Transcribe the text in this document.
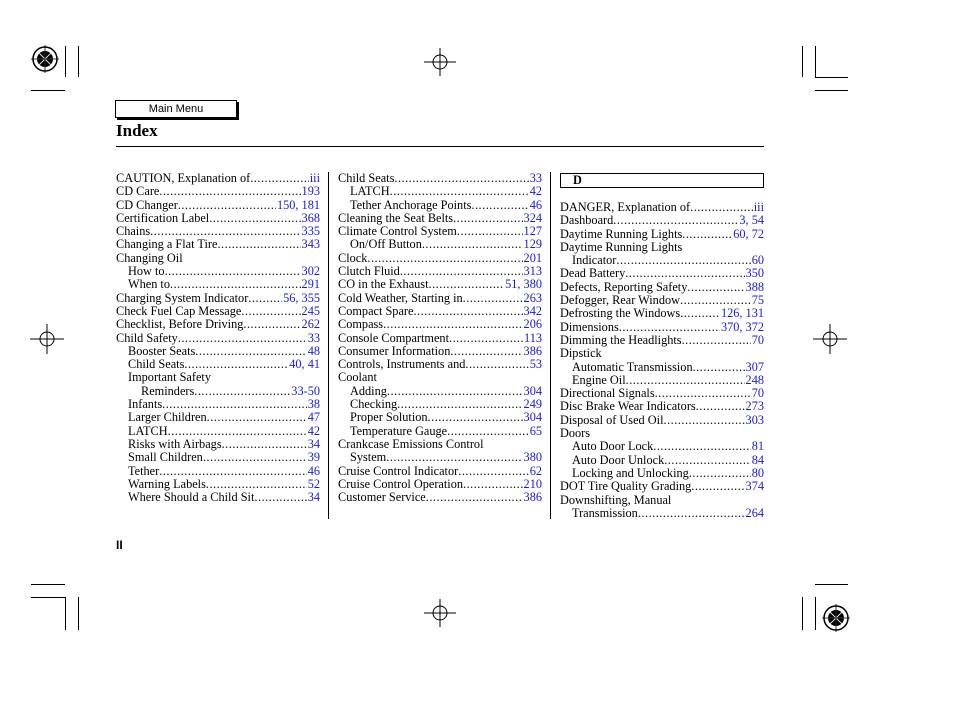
Main Menu
Index
CAUTION, Explanation of .....	iii
CD Care .....	193
CD Changer .....	150, 181
Certification Label .....	368
Chains .....	335
Changing a Flat Tire .....	343
Changing Oil
How to .....	302
When to .....	291
Charging System Indicator .....	56, 355
Check Fuel Cap Message .....	245
Checklist, Before Driving .....	262
Child Safety .....	33
Booster Seats .....	48
Child Seats .....	40, 41
Important Safety
Reminders .....	33-50
Infants .....	38
Larger Children .....	47
LATCH .....	42
Risks with Airbags .....	34
Small Children .....	39
Tether .....	46
Warning Labels .....	52
Where Should a Child Sit .....	34
Child Seats .....	33
LATCH .....	42
Tether Anchorage Points .....	46
Cleaning the Seat Belts .....	324
Climate Control System .....	127
On/Off Button .....	129
Clock .....	201
Clutch Fluid .....	313
CO in the Exhaust .....	51, 380
Cold Weather, Starting in .....	263
Compact Spare .....	342
Compass .....	206
Console Compartment .....	113
Consumer Information .....	386
Controls, Instruments and .....	53
Coolant
Adding .....	304
Checking .....	249
Proper Solution .....	304
Temperature Gauge .....	65
Crankcase Emissions Control
System .....	380
Cruise Control Indicator .....	62
Cruise Control Operation .....	210
Customer Service .....	386
D
DANGER, Explanation of .....	iii
Dashboard .....	3, 54
Daytime Running Lights .....	60, 72
Daytime Running Lights
Indicator .....	60
Dead Battery .....	350
Defects, Reporting Safety .....	388
Defogger, Rear Window .....	75
Defrosting the Windows .....	126, 131
Dimensions .....	370, 372
Dimming the Headlights .....	70
Dipstick
Automatic Transmission .....	307
Engine Oil .....	248
Directional Signals .....	70
Disc Brake Wear Indicators .....	273
Disposal of Used Oil .....	303
Doors
Auto Door Lock .....	81
Auto Door Unlock .....	84
Locking and Unlocking .....	80
DOT Tire Quality Grading .....	374
Downshifting, Manual
Transmission .....	264
II
